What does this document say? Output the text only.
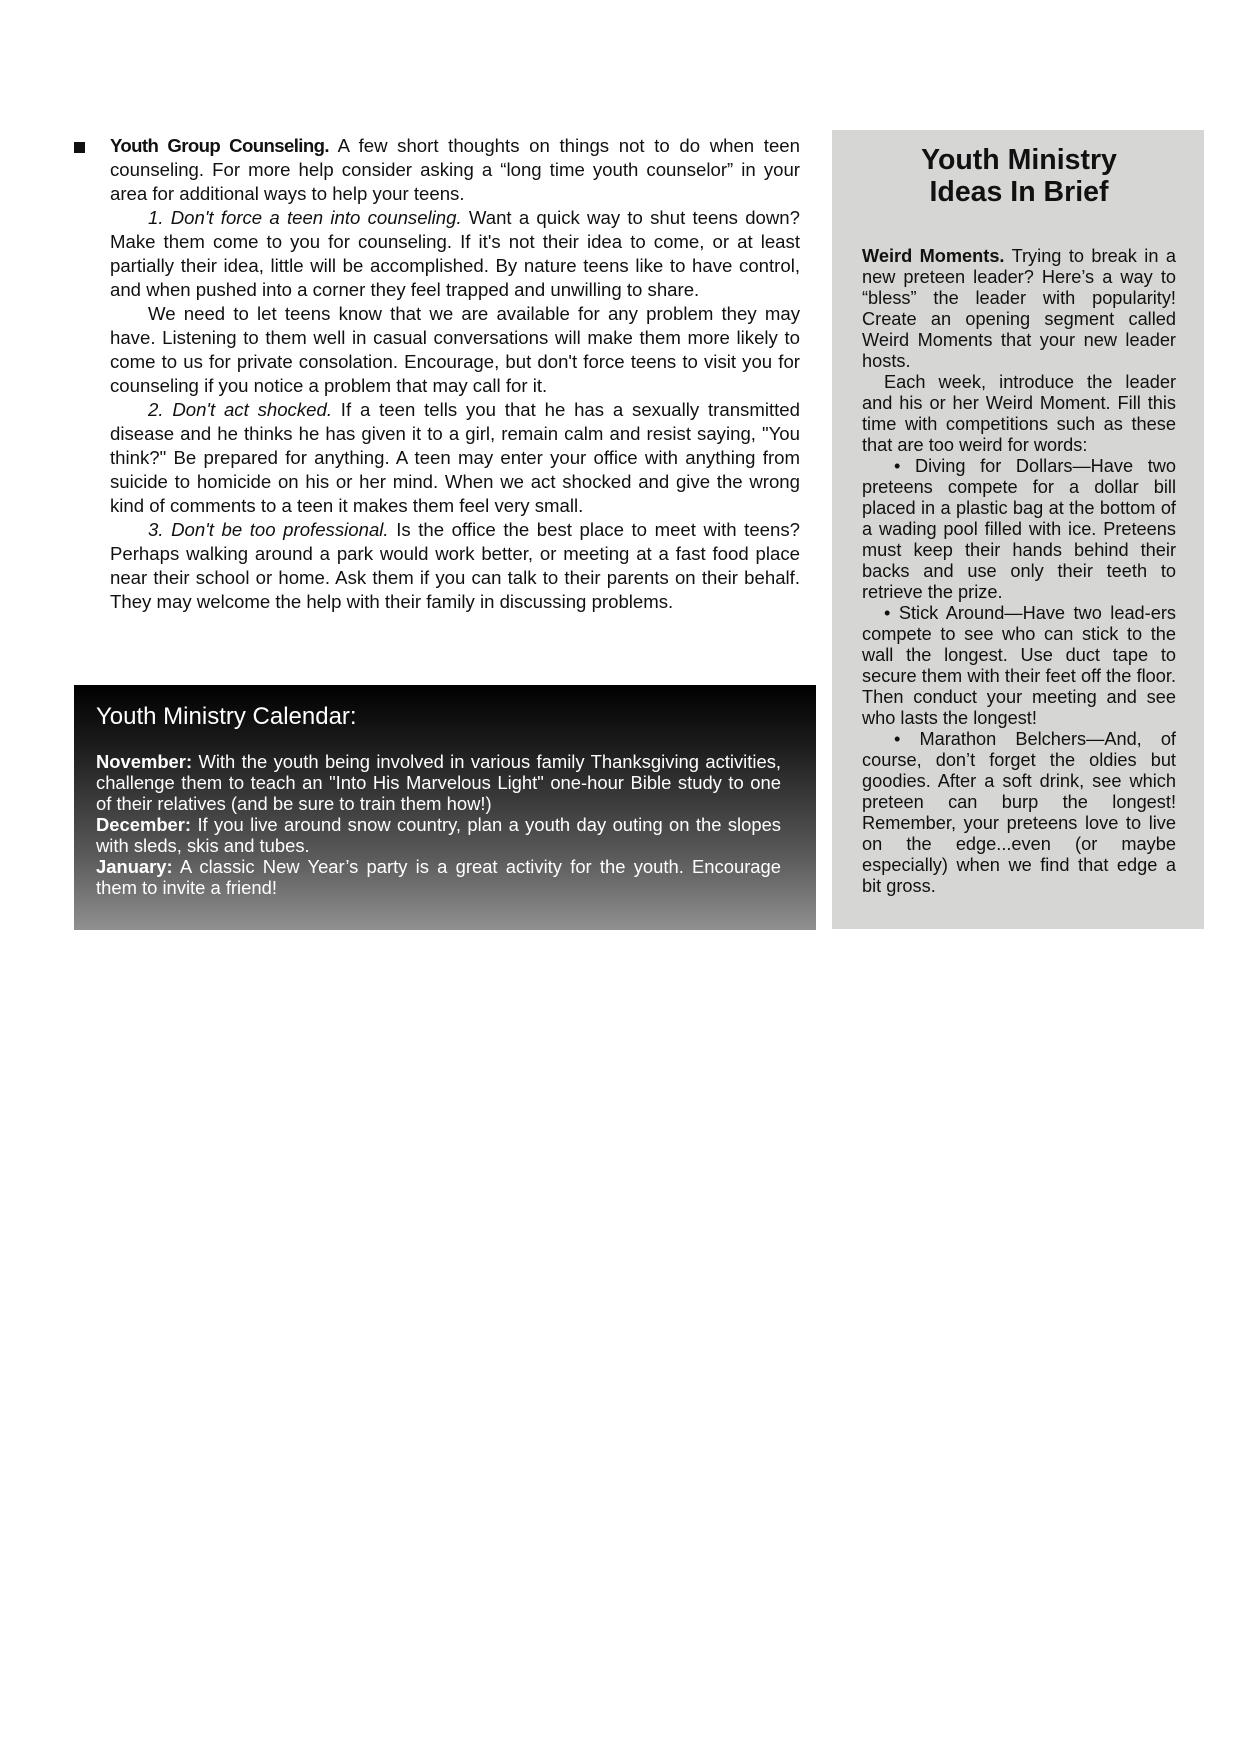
Youth Group Counseling. A few short thoughts on things not to do when teen counseling. For more help consider asking a “long time youth counselor” in your area for additional ways to help your teens.

1. Don't force a teen into counseling. Want a quick way to shut teens down? Make them come to you for counseling. If it's not their idea to come, or at least partially their idea, little will be accomplished. By nature teens like to have control, and when pushed into a corner they feel trapped and unwilling to share.

We need to let teens know that we are available for any problem they may have. Listening to them well in casual conversations will make them more likely to come to us for private consolation. Encourage, but don't force teens to visit you for counseling if you notice a problem that may call for it.

2. Don't act shocked. If a teen tells you that he has a sexually transmitted disease and he thinks he has given it to a girl, remain calm and resist saying, "You think?" Be prepared for anything. A teen may enter your office with anything from suicide to homicide on his or her mind. When we act shocked and give the wrong kind of comments to a teen it makes them feel very small.

3. Don't be too professional. Is the office the best place to meet with teens? Perhaps walking around a park would work better, or meeting at a fast food place near their school or home. Ask them if you can talk to their parents on their behalf. They may welcome the help with their family in discussing problems.

Youth Ministry Calendar:

November: With the youth being involved in various family Thanksgiving activities, challenge them to teach an "Into His Marvelous Light" one-hour Bible study to one of their relatives (and be sure to train them how!)

December: If you live around snow country, plan a youth day outing on the slopes with sleds, skis and tubes.

January: A classic New Year’s party is a great activity for the youth. Encourage them to invite a friend!

Youth Ministry
Ideas In Brief

Weird Moments. Trying to break in a new preteen leader? Here’s a way to “bless” the leader with popularity! Create an opening segment called Weird Moments that your new leader hosts.

Each week, introduce the leader and his or her Weird Moment. Fill this time with competitions such as these that are too weird for words:

• Diving for Dollars—Have two preteens compete for a dollar bill placed in a plastic bag at the bottom of a wading pool filled with ice. Preteens must keep their hands behind their backs and use only their teeth to retrieve the prize.

• Stick Around—Have two lead-ers compete to see who can stick to the wall the longest. Use duct tape to secure them with their feet off the floor. Then conduct your meeting and see who lasts the longest!

• Marathon Belchers—And, of course, don’t forget the oldies but goodies. After a soft drink, see which preteen can burp the longest! Remember, your preteens love to live on the edge...even (or maybe especially) when we find that edge a bit gross.
